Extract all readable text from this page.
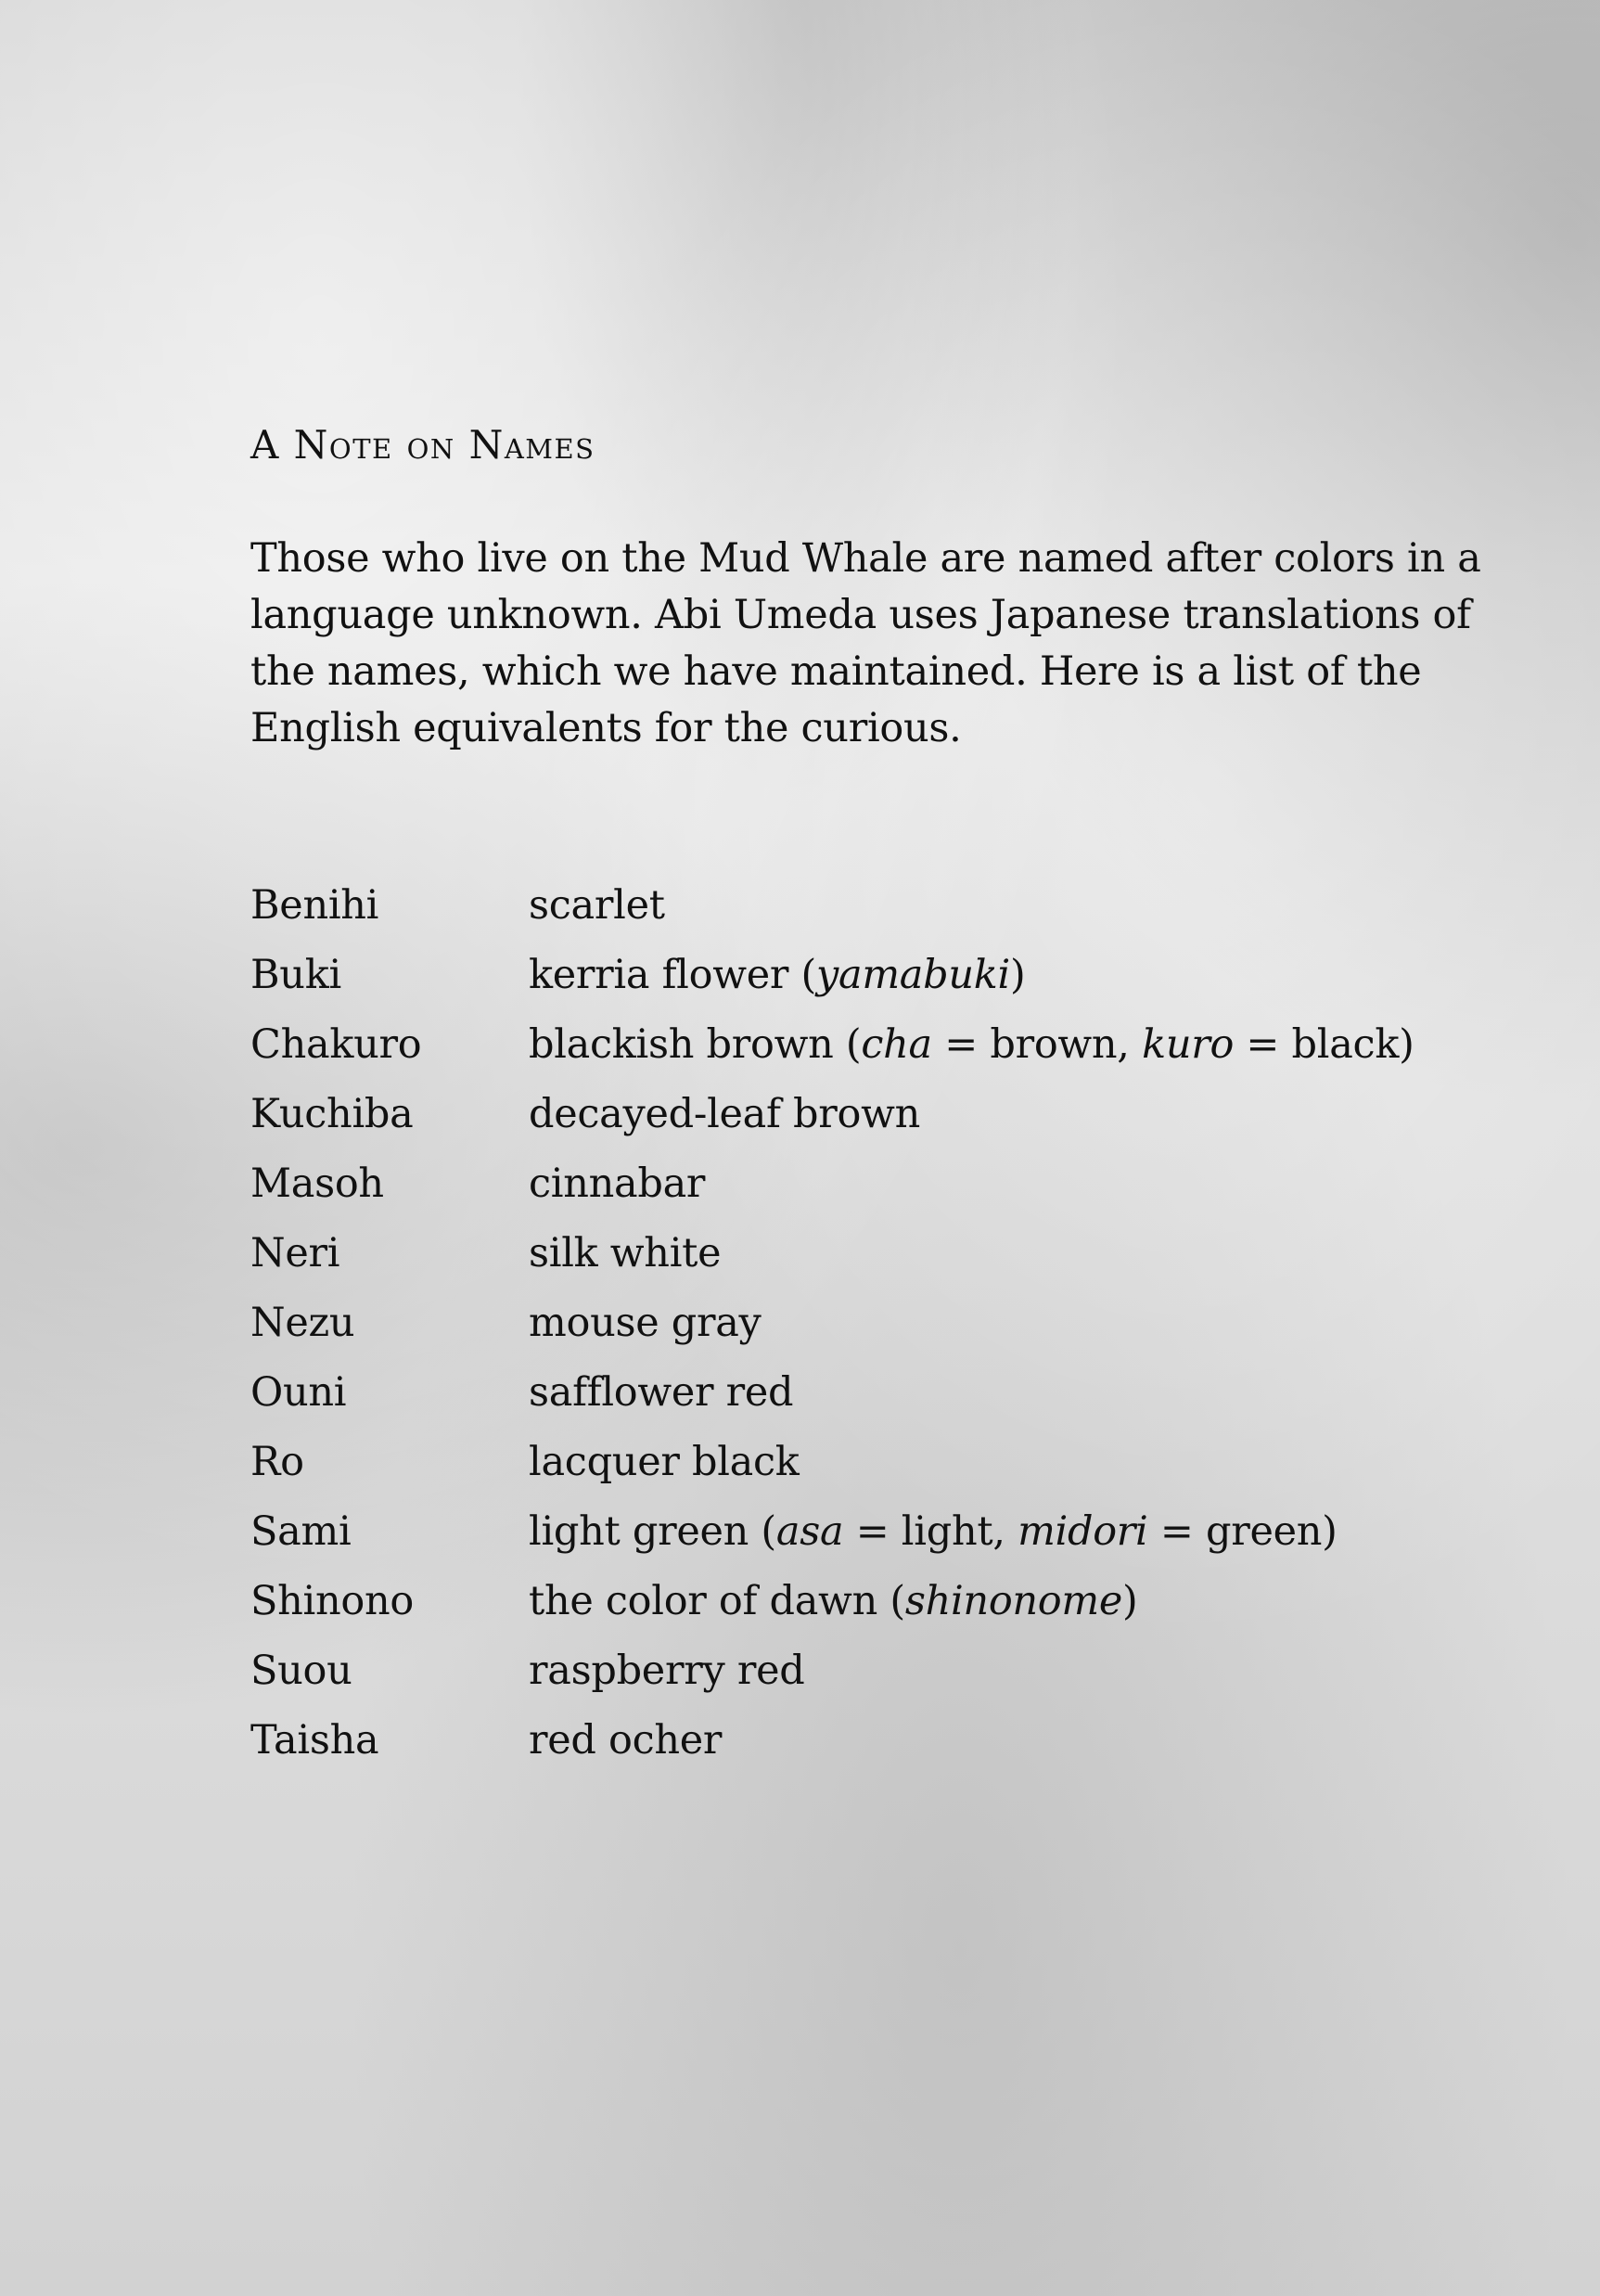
A Note on Names

Those who live on the Mud Whale are named after colors in a language unknown. Abi Umeda uses Japanese translations of the names, which we have maintained. Here is a list of the English equivalents for the curious.

Benihi	scarlet
Buki	kerria flower (yamabuki)
Chakuro	blackish brown (cha = brown, kuro = black)
Kuchiba	decayed-leaf brown
Masoh	cinnabar
Neri	silk white
Nezu	mouse gray
Ouni	safflower red
Ro	lacquer black
Sami	light green (asa = light, midori = green)
Shinono	the color of dawn (shinonome)
Suou	raspberry red
Taisha	red ocher
